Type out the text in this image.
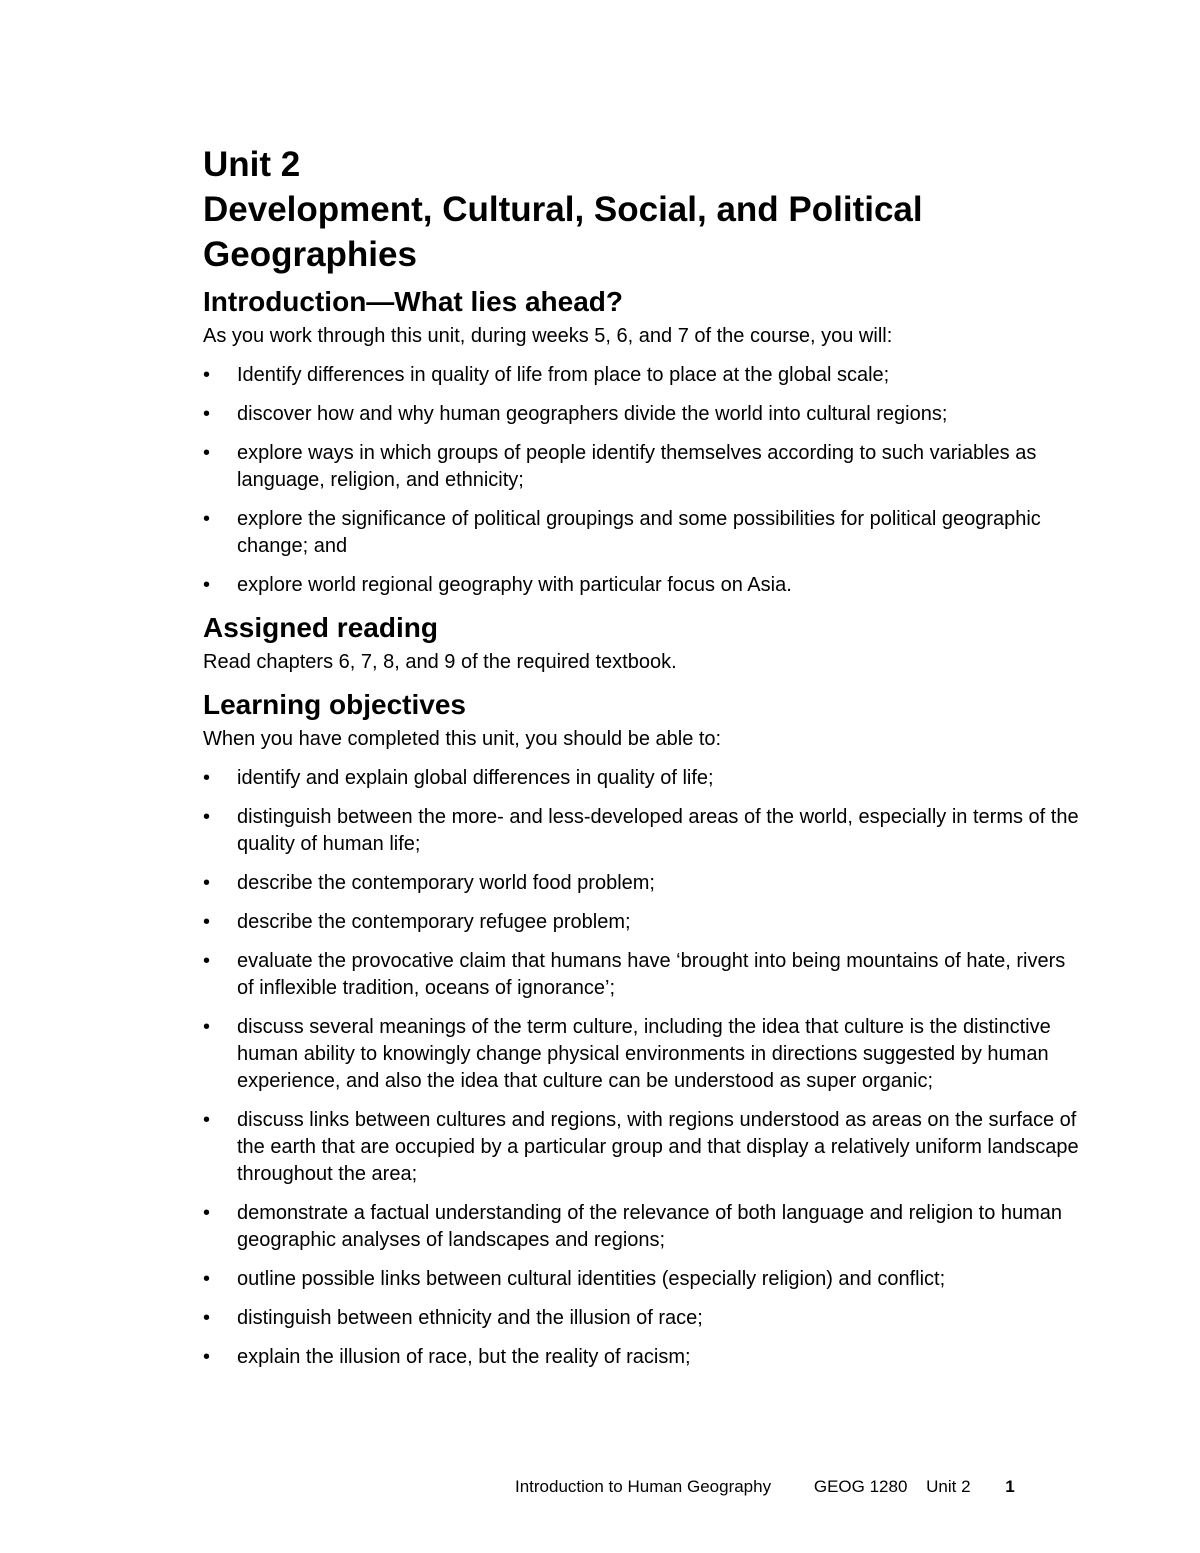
Unit 2
Development, Cultural, Social, and Political Geographies
Introduction—What lies ahead?

As you work through this unit, during weeks 5, 6, and 7 of the course, you will:

•	Identify differences in quality of life from place to place at the global scale;
•	discover how and why human geographers divide the world into cultural regions;
•	explore ways in which groups of people identify themselves according to such variables as language, religion, and ethnicity;
•	explore the significance of political groupings and some possibilities for political geographic change; and
•	explore world regional geography with particular focus on Asia.
Assigned reading

Read chapters 6, 7, 8, and 9 of the required textbook.

Learning objectives

When you have completed this unit, you should be able to:

•	identify and explain global differences in quality of life;
•	distinguish between the more- and less-developed areas of the world, especially in terms of the quality of human life;
•	describe the contemporary world food problem;
•	describe the contemporary refugee problem;
•	evaluate the provocative claim that humans have ‘brought into being mountains of hate, rivers of inflexible tradition, oceans of ignorance’;
•	discuss several meanings of the term culture, including the idea that culture is the distinctive human ability to knowingly change physical environments in directions suggested by human experience, and also the idea that culture can be understood as super organic;
•	discuss links between cultures and regions, with regions understood as areas on the surface of the earth that are occupied by a particular group and that display a relatively uniform landscape throughout the area;
•	demonstrate a factual understanding of the relevance of both language and religion to human geographic analyses of landscapes and regions;
•	outline possible links between cultural identities (especially religion) and conflict;
•	distinguish between ethnicity and the illusion of race;
•	explain the illusion of race, but the reality of racism;
Introduction to Human Geography	GEOG 1280 Unit 2 1
